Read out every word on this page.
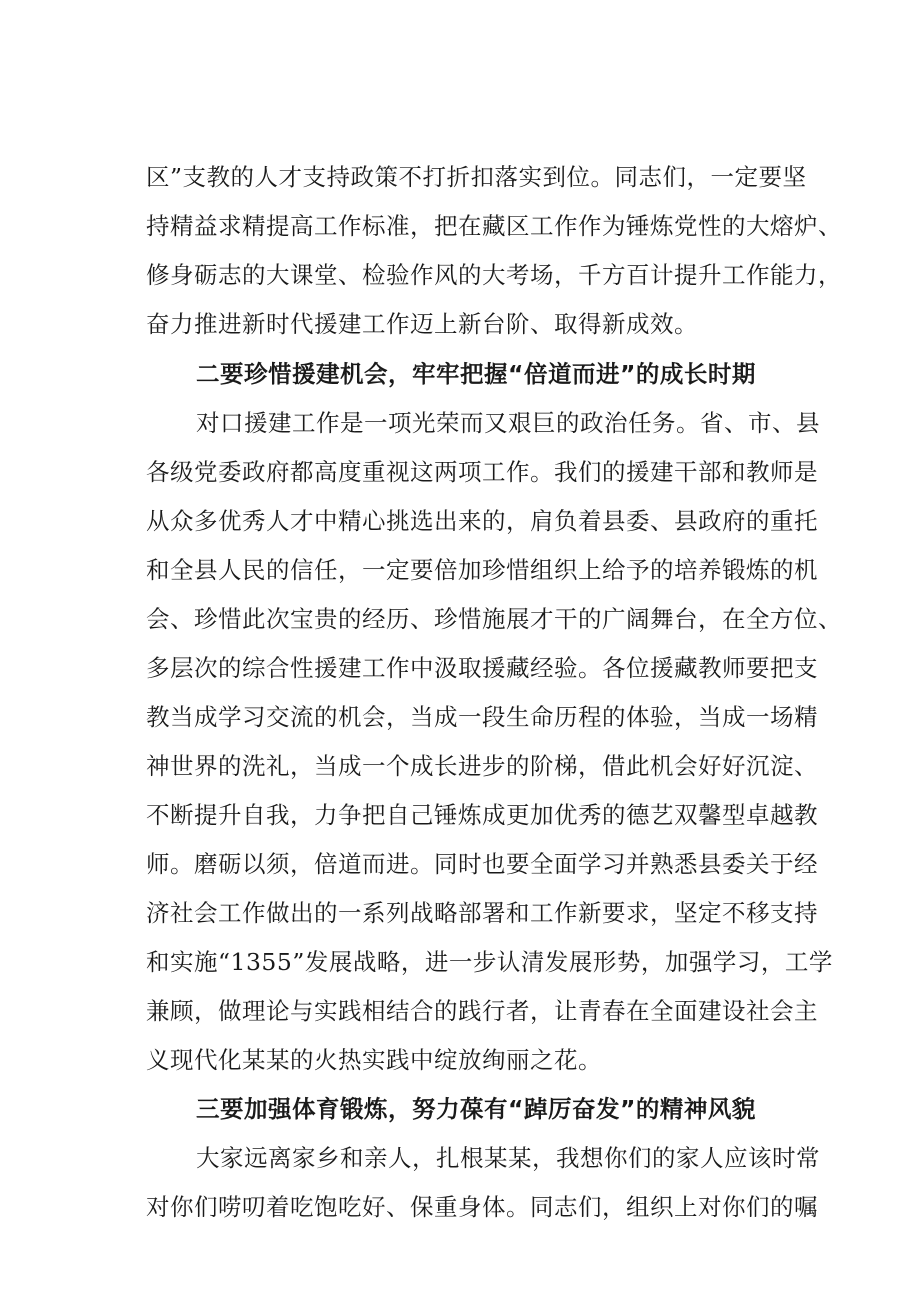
区”支教的人才支持政策不打折扣落实到位。同志们，一定要坚
持精益求精提高工作标准，把在藏区工作作为锤炼党性的大熔炉、
修身砺志的大课堂、检验作风的大考场，千方百计提升工作能力，
奋力推进新时代援建工作迈上新台阶、取得新成效。
二要珍惜援建机会，牢牢把握“倍道而进”的成长时期
对口援建工作是一项光荣而又艰巨的政治任务。省、市、县
各级党委政府都高度重视这两项工作。我们的援建干部和教师是
从众多优秀人才中精心挑选出来的，肩负着县委、县政府的重托
和全县人民的信任，一定要倍加珍惜组织上给予的培养锻炼的机
会、珍惜此次宝贵的经历、珍惜施展才干的广阔舞台，在全方位、
多层次的综合性援建工作中汲取援藏经验。各位援藏教师要把支
教当成学习交流的机会，当成一段生命历程的体验，当成一场精
神世界的洗礼，当成一个成长进步的阶梯，借此机会好好沉淀、
不断提升自我，力争把自己锤炼成更加优秀的德艺双馨型卓越教
师。磨砺以须，倍道而进。同时也要全面学习并熟悉县委关于经
济社会工作做出的一系列战略部署和工作新要求，坚定不移支持
和实施“1355”发展战略，进一步认清发展形势，加强学习，工学
兼顾，做理论与实践相结合的践行者，让青春在全面建设社会主
义现代化某某的火热实践中绽放绚丽之花。
三要加强体育锻炼，努力葆有“踔厉奋发”的精神风貌
大家远离家乡和亲人，扎根某某，我想你们的家人应该时常
对你们唠叨着吃饱吃好、保重身体。同志们，组织上对你们的嘱
